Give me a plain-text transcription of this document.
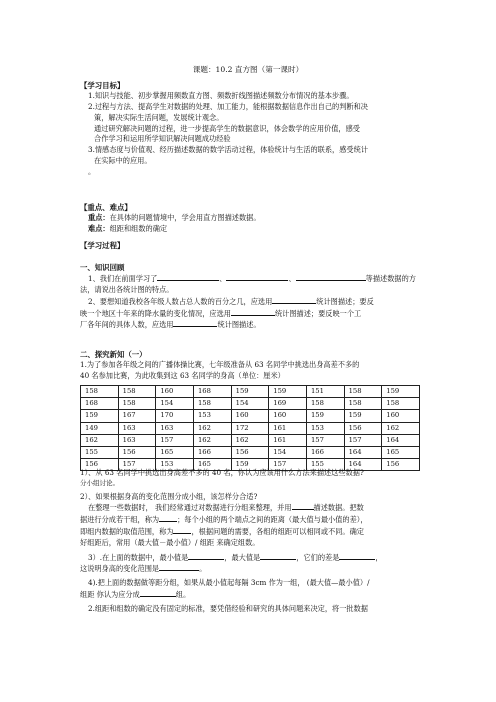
课题：10.2 直方图（第一课时）
【学习目标】
1.知识与技能、初步掌握用频数直方图、频数折线图描述频数分布情况的基本步骤。
2.过程与方法、提高学生对数据的处理、加工能力，能根据数据信息作出自己的判断和决
策，解决实际生活问题，发展统计观念。
通过研究解决问题的过程，进一步提高学生的数据意识，体会数学的应用价值，感受
合作学习和运用所学知识解决问题成功经验
3.情感态度与价值观、经历描述数据的数学活动过程，体验统计与生活的联系，感受统计
在实际中的应用。
。
【重点、难点】
重点：在具体的问题情境中，学会用直方图描述数据。
难点：组距和组数的确定
【学习过程】
一、知识回顾
1、我们在前面学习了	、	、	等描述数据的方
法，请说出各统计图的特点。
2、要想知道我校各年级人数占总人数的百分之几，应选用	统计图描述；要反
映一个地区十年来的降水量的变化情况，应选用	统计图描述；要反映一个工
厂各年间的具体人数，应选用	统计图描述。
二、探究新知（一）
1.为了参加各年级之间的广播体操比赛，七年级准备从 63 名同学中挑选出身高差不多的
40 名参加比赛，为此收集到这 63 名同学的身高（单位：厘米）
158	158	160	168	159	159	151	158	159
168	158	154	158	154	169	158	158	158
159	167	170	153	160	160	159	159	160
149	163	163	162	172	161	153	156	162
162	163	157	162	162	161	157	157	164
155	156	165	166	156	154	166	164	165
156	157	153	165	159	157	155	164	156
1）、从 63 名同学中挑选出身高差不多的 40 名，你认为应该用什么方法来描述这些数据?
分小组讨论。
2）、如果根据身高的变化范围分成小组，该怎样分合适?
在整理一些数据时， 我们经常通过对数据进行分组来整理，并用	描述数据。把数
据进行分成若干组，称为	；每个小组的两个端点之间的距离（最大值与最小值的差），
即组内数据的取值范围，称为	，根据问题的需要，各组的组距可以相同或不同。确定
好组距后，常用（最大值－最小值）/ 组距 来确定组数。
3）.在上面的数据中，最小值是	，最大值是	，它们的差是	，
这说明身高的变化范围是	。
4).把上面的数据做等距分组，如果从最小值起每隔 3cm 作为一组， (最大值—最小值）/
组距 你认为应分成	组。
2.组距和组数的确定没有固定的标准，要凭借经验和研究的具体问题来决定，将一批数据
